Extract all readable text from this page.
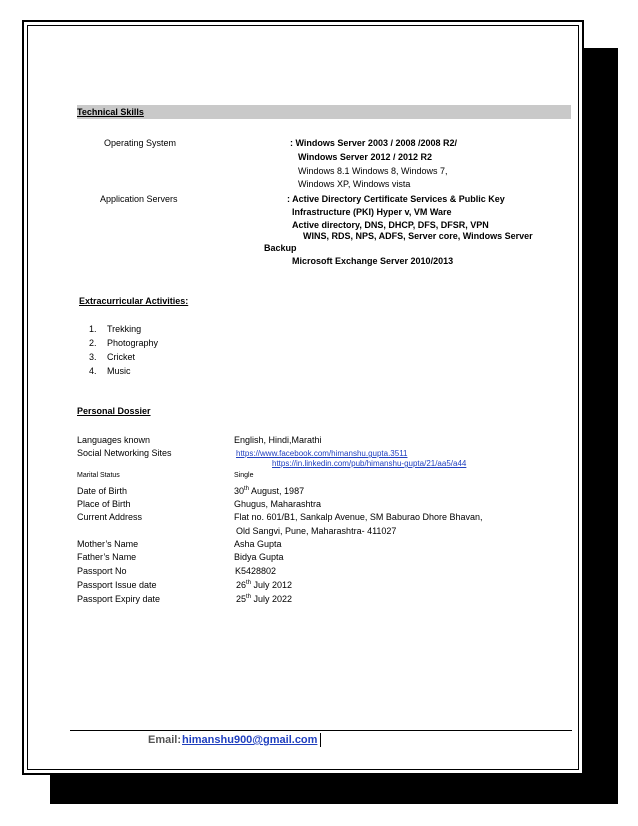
Technical Skills
Operating System	: Windows Server 2003 / 2008 /2008 R2/
Windows Server 2012 / 2012 R2
Windows 8.1 Windows 8, Windows 7,
Windows XP, Windows vista
Application Servers	: Active Directory Certificate Services & Public Key
Infrastructure (PKI) Hyper v, VM Ware
Active directory, DNS, DHCP, DFS, DFSR, VPN
WINS, RDS, NPS, ADFS, Server core, Windows Server
Backup
Microsoft Exchange Server 2010/2013
Extracurricular Activities:
1. Trekking
2. Photography
3. Cricket
4. Music
Personal Dossier
Languages known	English, Hindi,Marathi
Social Networking Sites	https://www.facebook.com/himanshu.gupta.3511
https://in.linkedin.com/pub/himanshu-gupta/21/aa5/a44
Marital Status	Single
Date of Birth	30th August, 1987
Place of Birth	Ghugus, Maharashtra
Current Address	Flat no. 601/B1, Sankalp Avenue, SM Baburao Dhore Bhavan,
Old Sangvi, Pune, Maharashtra- 411027
Mother’s Name	Asha Gupta
Father’s Name	Bidya Gupta
Passport No	K5428802
Passport Issue date	26th July 2012
Passport Expiry date	25th July 2022
Email: himanshu900@gmail.com
